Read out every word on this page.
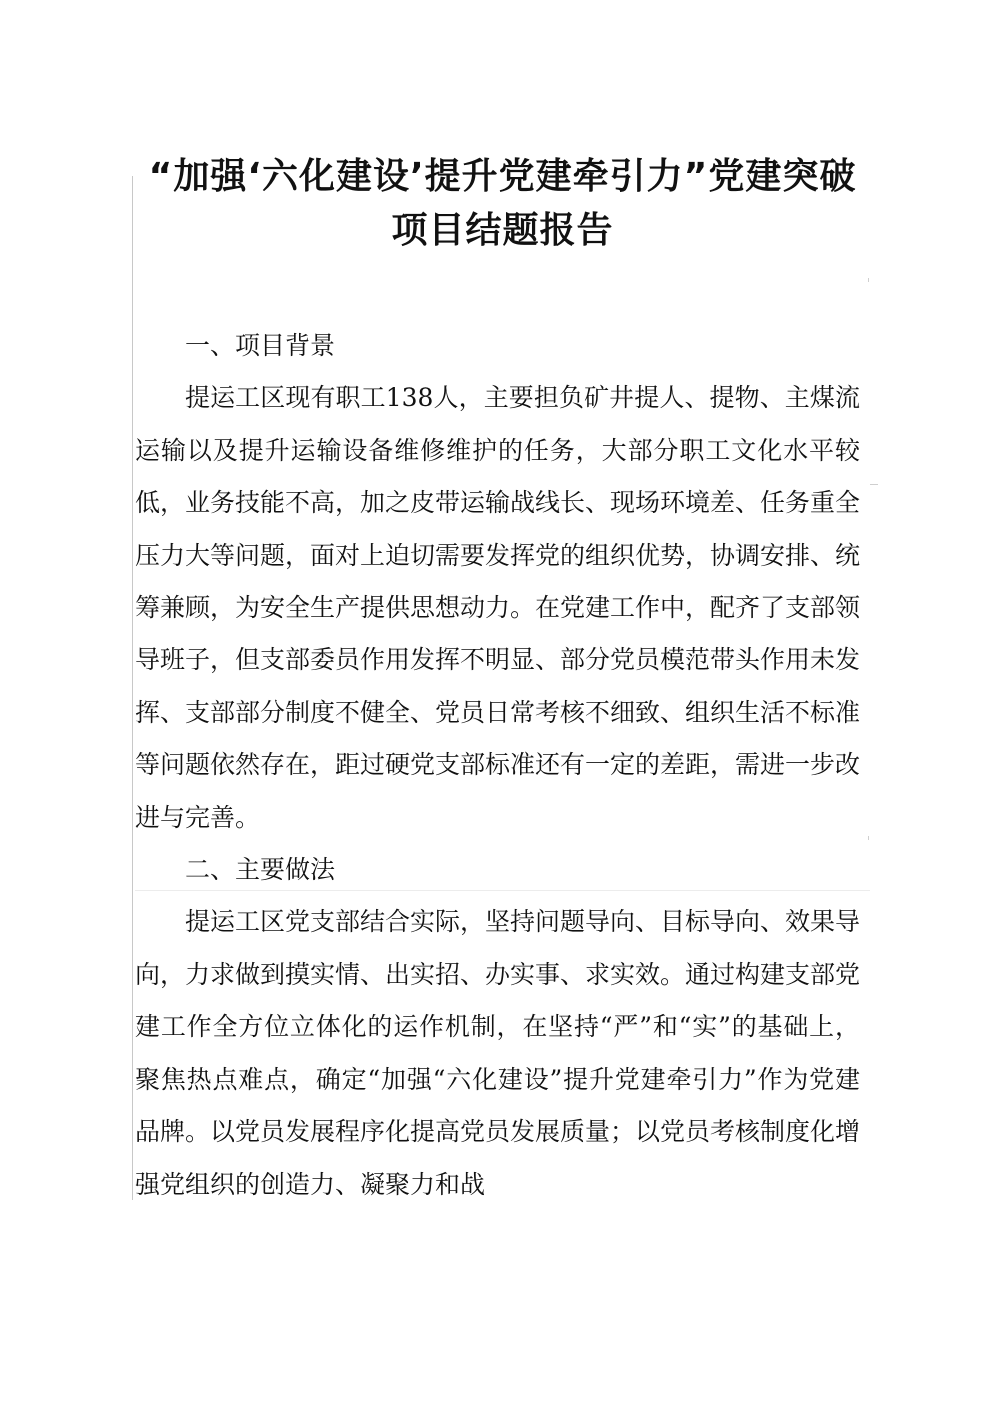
“加强‘六化建设’提升党建牵引力”党建突破项目结题报告

一、项目背景

提运工区现有职工138人，主要担负矿井提人、提物、主煤流运输以及提升运输设备维修维护的任务，大部分职工文化水平较低，业务技能不高，加之皮带运输战线长、现场环境差、任务重全压力大等问题，面对上迫切需要发挥党的组织优势，协调安排、统筹兼顾，为安全生产提供思想动力。在党建工作中，配齐了支部领导班子，但支部委员作用发挥不明显、部分党员模范带头作用未发挥、支部部分制度不健全、党员日常考核不细致、组织生活不标准等问题依然存在，距过硬党支部标准还有一定的差距，需进一步改进与完善。

二、主要做法

提运工区党支部结合实际，坚持问题导向、目标导向、效果导向，力求做到摸实情、出实招、办实事、求实效。通过构建支部党建工作全方位立体化的运作机制，在坚持“严”和“实”的基础上，聚焦热点难点，确定“加强“六化建设”提升党建牵引力”作为党建品牌。以党员发展程序化提高党员发展质量；以党员考核制度化增强党组织的创造力、凝聚力和战
